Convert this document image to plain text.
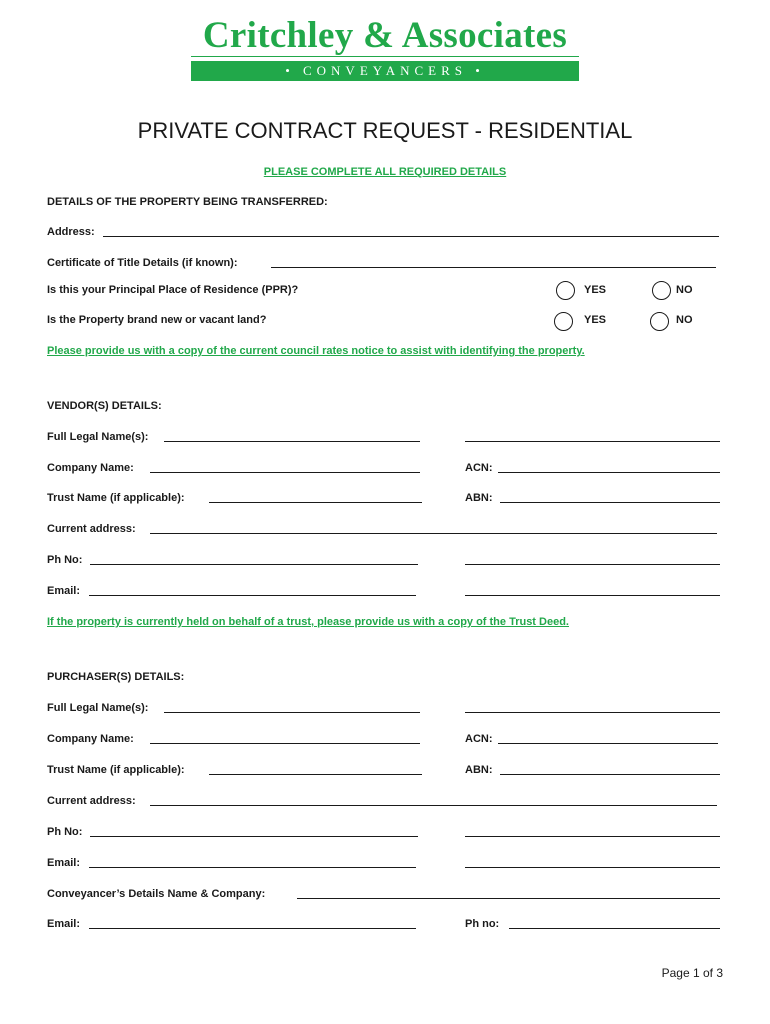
Critchley & Associates
• CONVEYANCERS •
PRIVATE CONTRACT REQUEST - RESIDENTIAL
PLEASE COMPLETE ALL REQUIRED DETAILS
DETAILS OF THE PROPERTY BEING TRANSFERRED:
Address:
Certificate of Title Details (if known):
Is this your Principal Place of Residence (PPR)?	YES	NO
Is the Property brand new or vacant land?	YES	NO
Please provide us with a copy of the current council rates notice to assist with identifying the property.
VENDOR(S) DETAILS:
Full Legal Name(s):
Company Name:	ACN:
Trust Name (if applicable):	ABN:
Current address:
Ph No:
Email:
If the property is currently held on behalf of a trust, please provide us with a copy of the Trust Deed.
PURCHASER(S) DETAILS:
Full Legal Name(s):
Company Name:	ACN:
Trust Name (if applicable):	ABN:
Current address:
Ph No:
Email:
Conveyancer’s Details Name & Company:
Email:	Ph no:
Page 1 of 3
